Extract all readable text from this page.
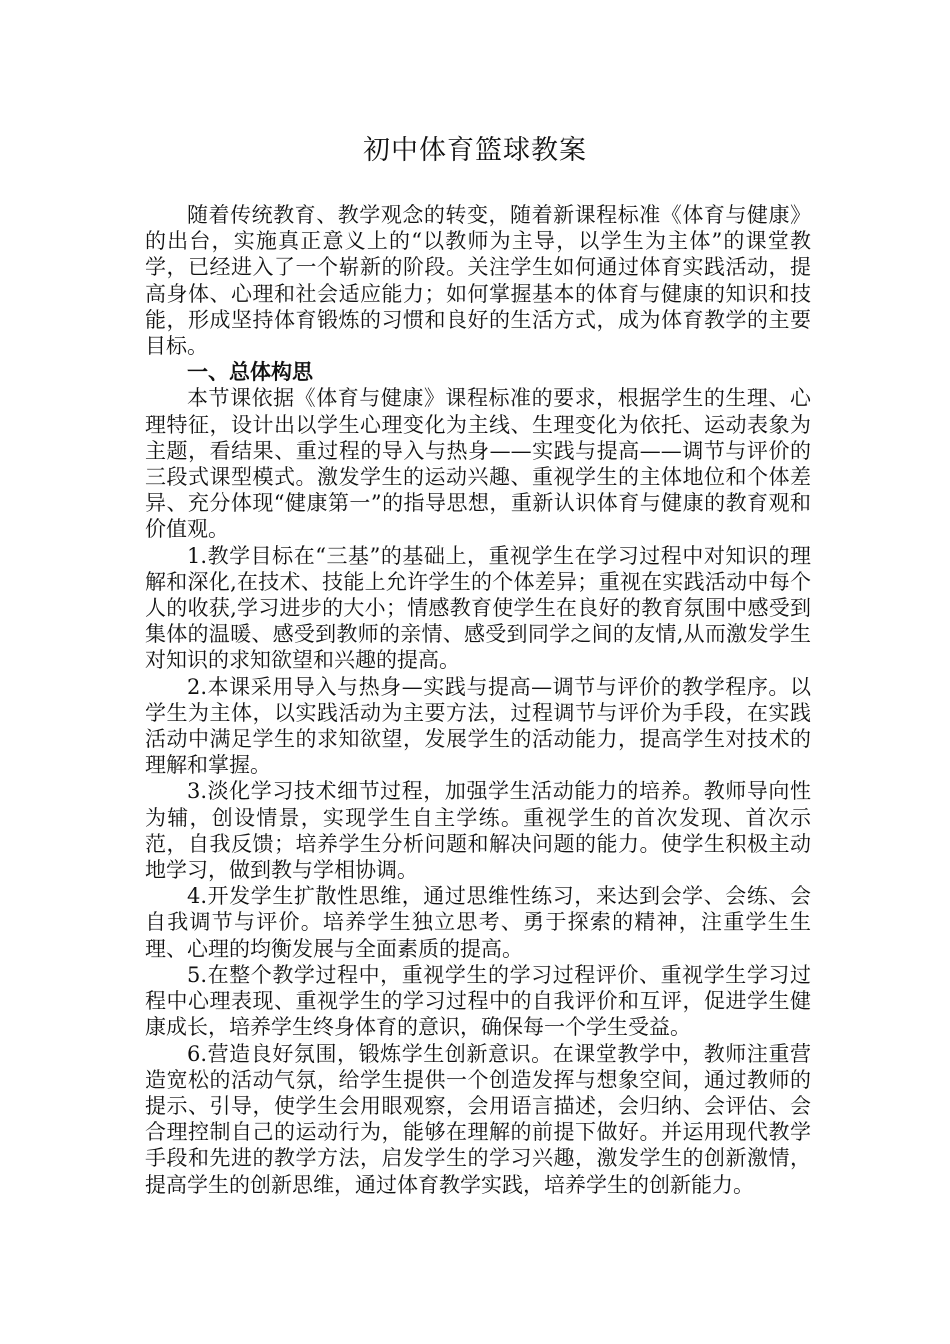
初中体育篮球教案

随着传统教育、教学观念的转变，随着新课程标准《体育与健康》的出台，实施真正意义上的“以教师为主导，以学生为主体”的课堂教学，已经进入了一个崭新的阶段。关注学生如何通过体育实践活动，提高身体、心理和社会适应能力；如何掌握基本的体育与健康的知识和技能，形成坚持体育锻炼的习惯和良好的生活方式，成为体育教学的主要目标。

一、总体构思

本节课依据《体育与健康》课程标准的要求，根据学生的生理、心理特征，设计出以学生心理变化为主线、生理变化为依托、运动表象为主题，看结果、重过程的导入与热身——实践与提高——调节与评价的三段式课型模式。激发学生的运动兴趣、重视学生的主体地位和个体差异、充分体现“健康第一”的指导思想，重新认识体育与健康的教育观和价值观。

1.教学目标在“三基”的基础上，重视学生在学习过程中对知识的理解和深化,在技术、技能上允许学生的个体差异；重视在实践活动中每个人的收获,学习进步的大小；情感教育使学生在良好的教育氛围中感受到集体的温暖、感受到教师的亲情、感受到同学之间的友情,从而激发学生对知识的求知欲望和兴趣的提高。

2.本课采用导入与热身—实践与提高—调节与评价的教学程序。以学生为主体，以实践活动为主要方法，过程调节与评价为手段，在实践活动中满足学生的求知欲望，发展学生的活动能力，提高学生对技术的理解和掌握。

3.淡化学习技术细节过程，加强学生活动能力的培养。教师导向性为辅，创设情景，实现学生自主学练。重视学生的首次发现、首次示范，自我反馈；培养学生分析问题和解决问题的能力。使学生积极主动地学习，做到教与学相协调。

4.开发学生扩散性思维，通过思维性练习，来达到会学、会练、会自我调节与评价。培养学生独立思考、勇于探索的精神，注重学生生理、心理的均衡发展与全面素质的提高。

5.在整个教学过程中，重视学生的学习过程评价、重视学生学习过程中心理表现、重视学生的学习过程中的自我评价和互评，促进学生健康成长，培养学生终身体育的意识，确保每一个学生受益。

6.营造良好氛围，锻炼学生创新意识。在课堂教学中，教师注重营造宽松的活动气氛，给学生提供一个创造发挥与想象空间，通过教师的提示、引导，使学生会用眼观察，会用语言描述，会归纳、会评估、会合理控制自己的运动行为，能够在理解的前提下做好。并运用现代教学手段和先进的教学方法，启发学生的学习兴趣，激发学生的创新激情，提高学生的创新思维，通过体育教学实践，培养学生的创新能力。
